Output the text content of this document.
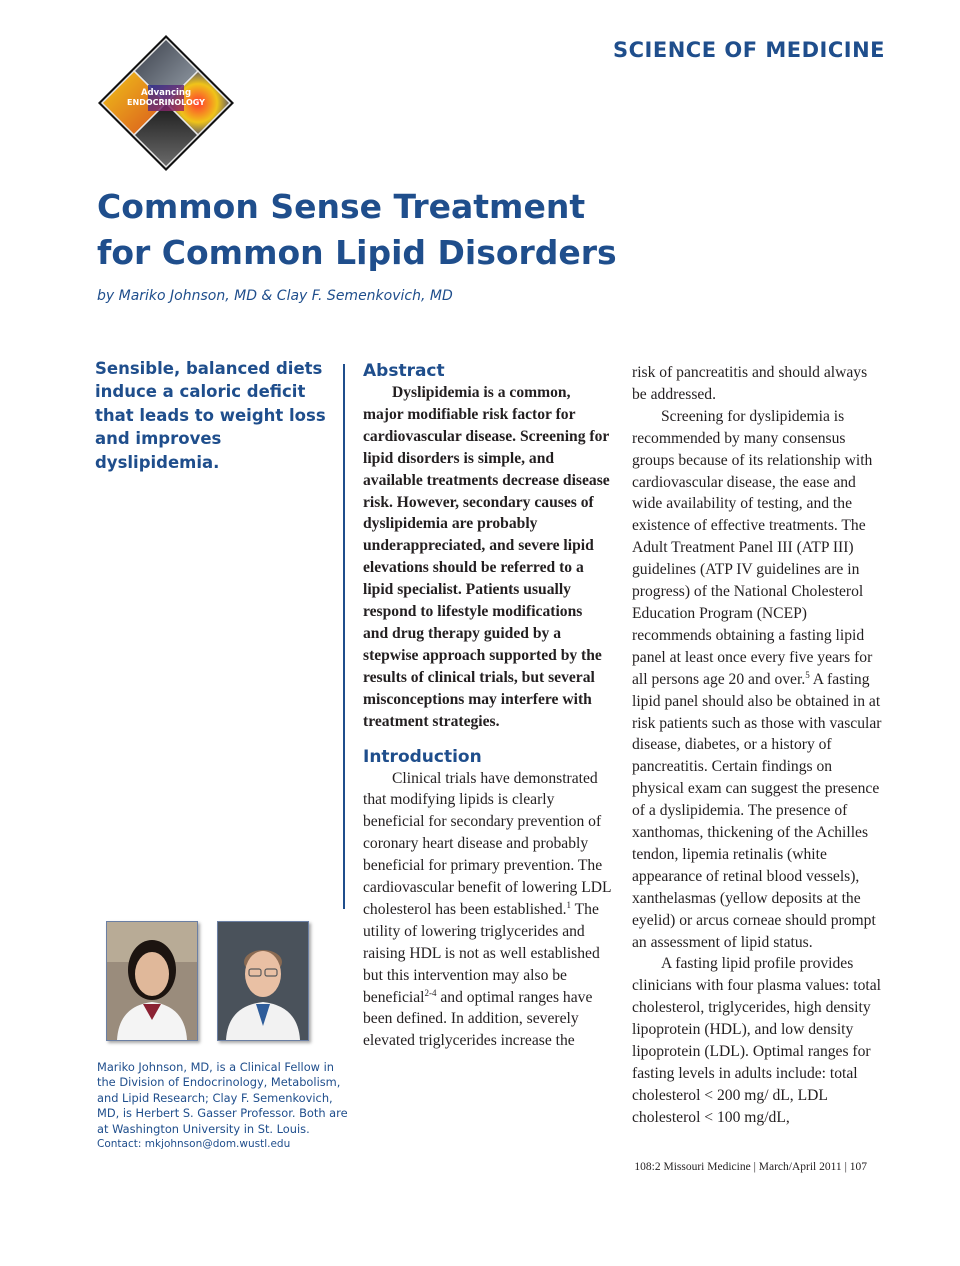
SCIENCE OF MEDICINE
Advancing
ENDOCRINOLOGY
Common Sense Treatment
for Common Lipid Disorders
by Mariko Johnson, MD & Clay F. Semenkovich, MD
Sensible, balanced diets induce a caloric deficit that leads to weight loss and improves dyslipidemia.
Mariko Johnson, MD, is a Clinical Fellow in the Division of Endocrinology, Metabolism, and Lipid Research; Clay F. Semenkovich, MD, is Herbert S. Gasser Professor. Both are at Washington University in St. Louis.
Contact: mkjohnson@dom.wustl.edu

Abstract

Dyslipidemia is a common, major modifiable risk factor for cardiovascular disease. Screening for lipid disorders is simple, and available treatments decrease disease risk. However, secondary causes of dyslipidemia are probably underappreciated, and severe lipid elevations should be referred to a lipid specialist. Patients usually respond to lifestyle modifications and drug therapy guided by a stepwise approach supported by the results of clinical trials, but several misconceptions may interfere with treatment strategies.

Introduction

Clinical trials have demonstrated that modifying lipids is clearly beneficial for secondary prevention of coronary heart disease and probably beneficial for primary prevention. The cardiovascular benefit of lowering LDL cholesterol has been established.$^1$ The utility of lowering triglycerides and raising HDL is not as well established but this intervention may also be beneficial$^{2-4}$ and optimal ranges have been defined. In addition, severely elevated triglycerides increase the

risk of pancreatitis and should always be addressed.

Screening for dyslipidemia is recommended by many consensus groups because of its relationship with cardiovascular disease, the ease and wide availability of testing, and the existence of effective treatments. The Adult Treatment Panel III (ATP III) guidelines (ATP IV guidelines are in progress) of the National Cholesterol Education Program (NCEP) recommends obtaining a fasting lipid panel at least once every five years for all persons age 20 and over.$^5$ A fasting lipid panel should also be obtained in at risk patients such as those with vascular disease, diabetes, or a history of pancreatitis. Certain findings on physical exam can suggest the presence of a dyslipidemia. The presence of xanthomas, thickening of the Achilles tendon, lipemia retinalis (white appearance of retinal blood vessels), xanthelasmas (yellow deposits at the eyelid) or arcus corneae should prompt an assessment of lipid status.

A fasting lipid profile provides clinicians with four plasma values: total cholesterol, triglycerides, high density lipoprotein (HDL), and low density lipoprotein (LDL). Optimal ranges for fasting levels in adults include: total cholesterol < 200 mg/ dL, LDL cholesterol < 100 mg/dL,

108:2 Missouri Medicine | March/April 2011 | 107
